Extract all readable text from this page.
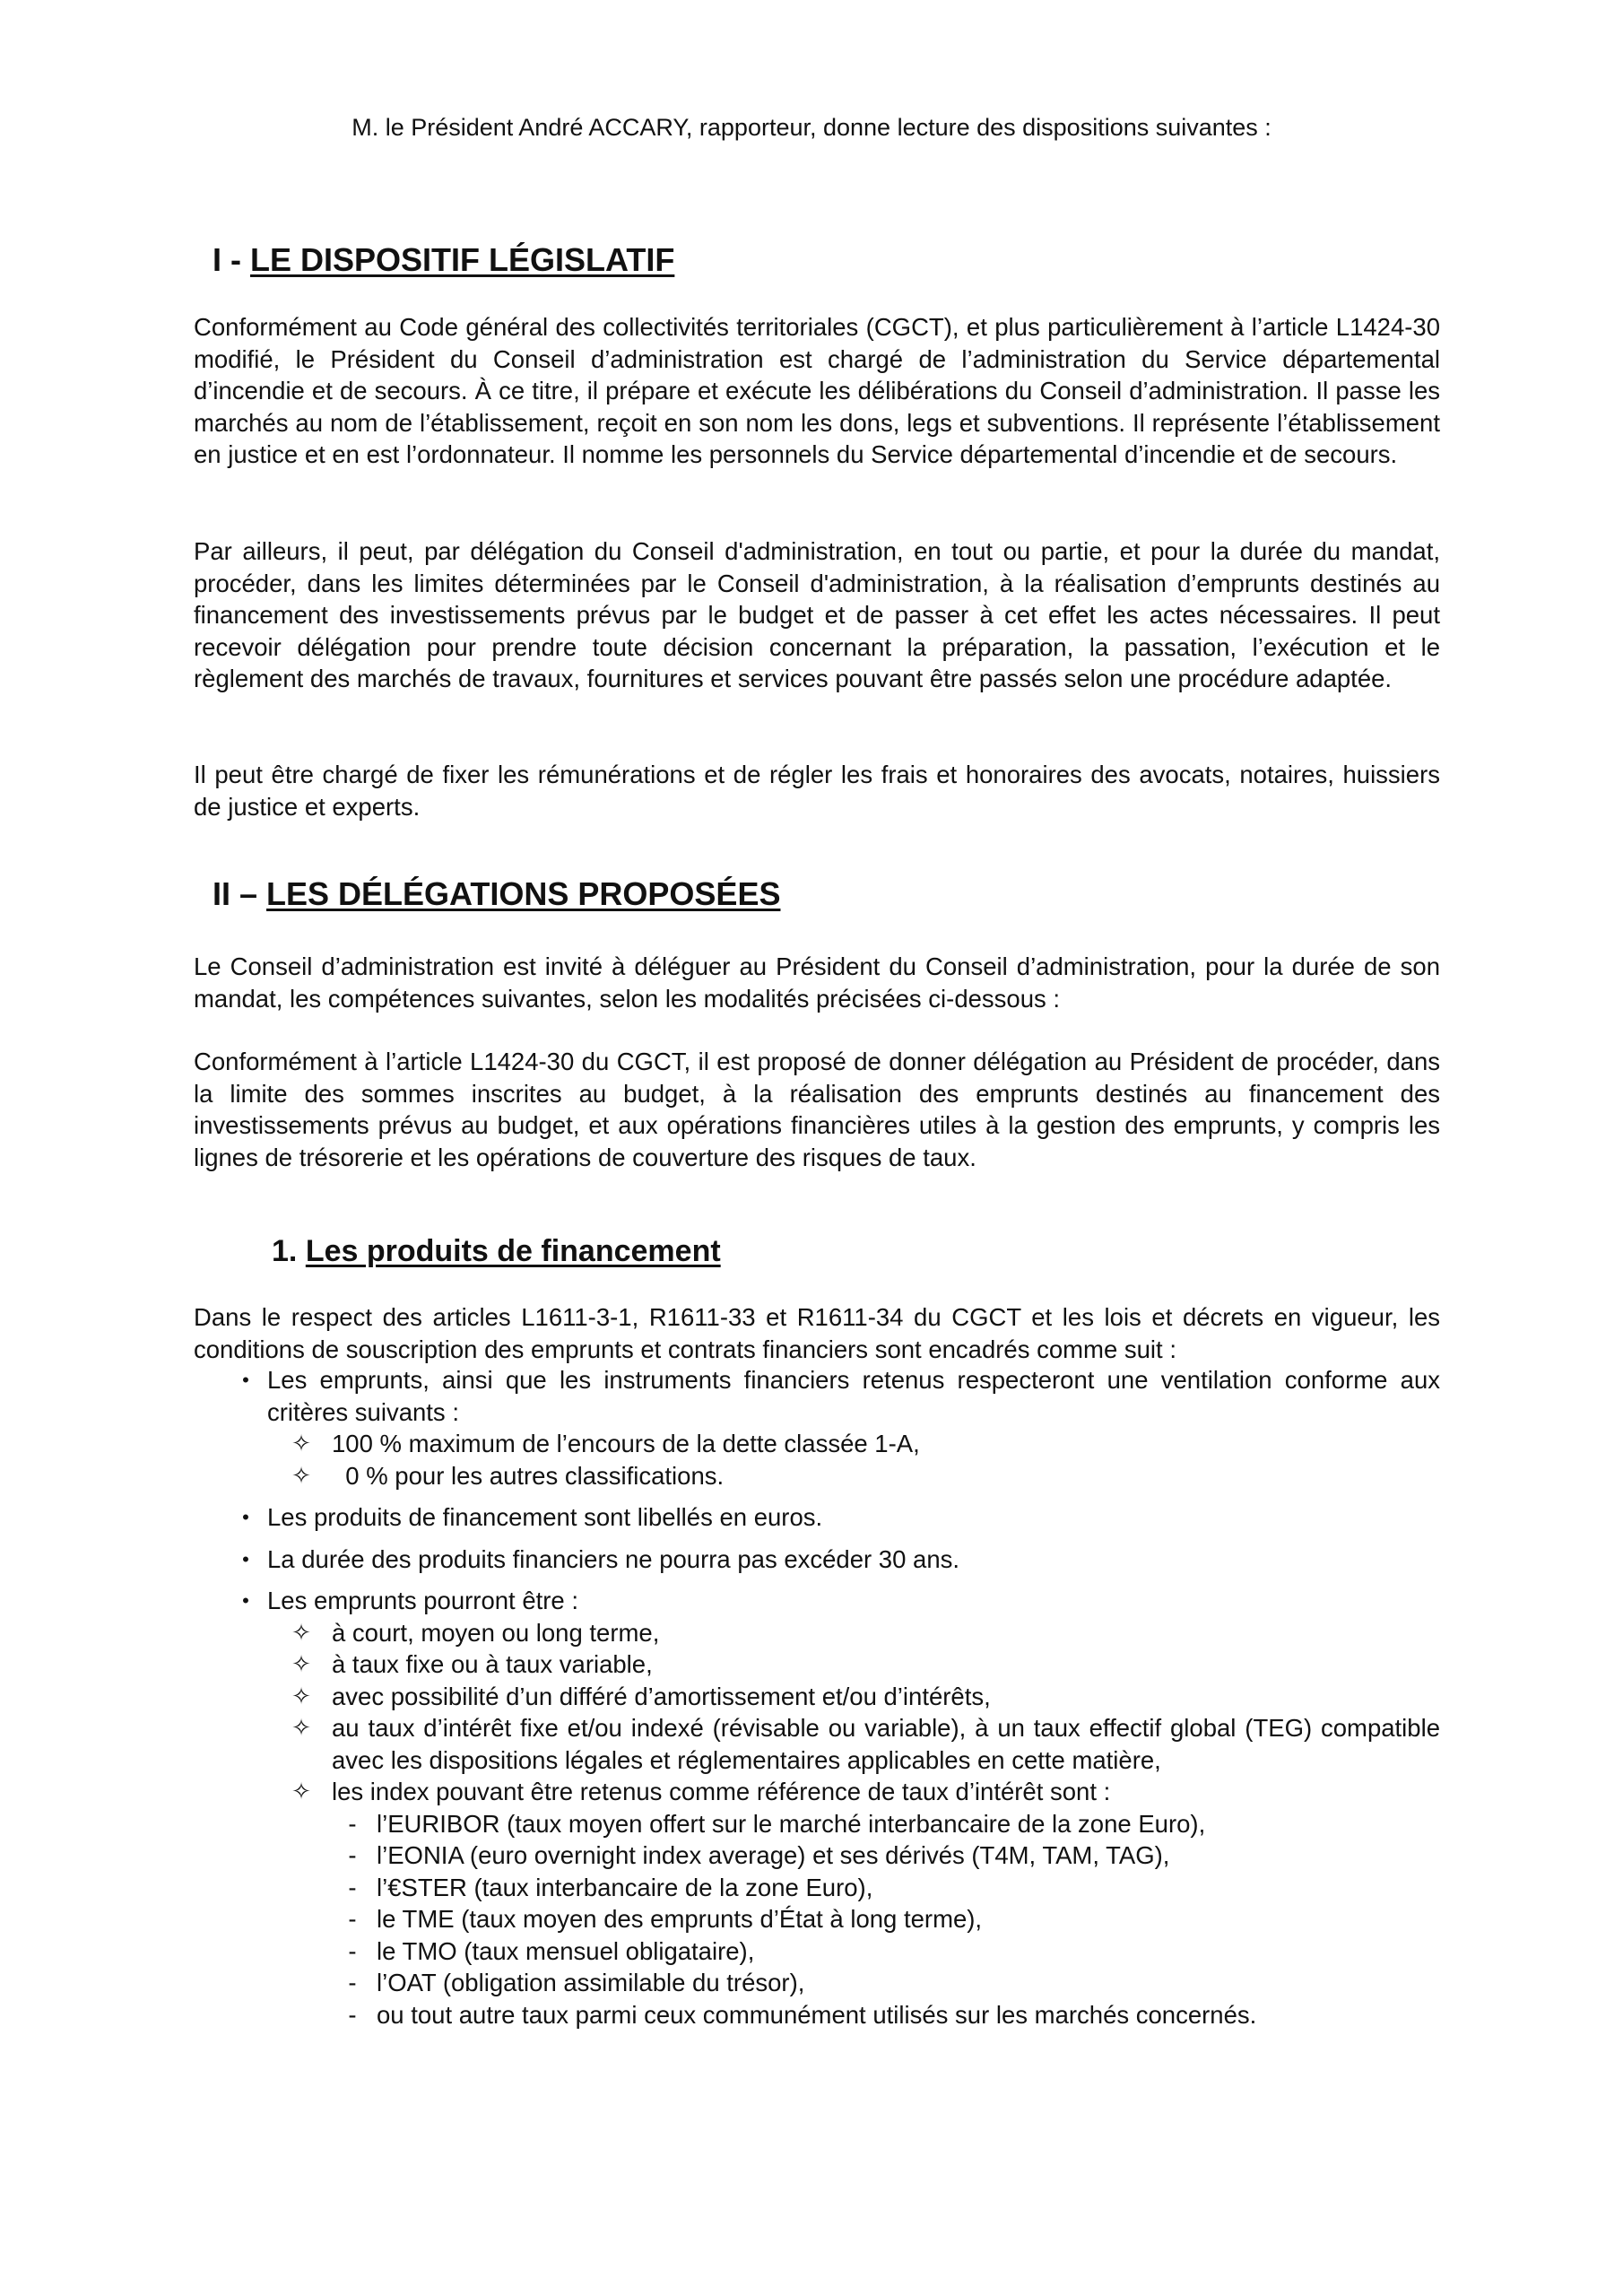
M. le Président André ACCARY, rapporteur, donne lecture des dispositions suivantes :
I - LE DISPOSITIF LÉGISLATIF

Conformément au Code général des collectivités territoriales (CGCT), et plus particulièrement à l’article L1424-30 modifié, le Président du Conseil d’administration est chargé de l’administration du Service départemental d’incendie et de secours. À ce titre, il prépare et exécute les délibérations du Conseil d’administration. Il passe les marchés au nom de l’établissement, reçoit en son nom les dons, legs et subventions. Il représente l’établissement en justice et en est l’ordonnateur. Il nomme les personnels du Service départemental d’incendie et de secours.

Par ailleurs, il peut, par délégation du Conseil d'administration, en tout ou partie, et pour la durée du mandat, procéder, dans les limites déterminées par le Conseil d'administration, à la réalisation d’emprunts destinés au financement des investissements prévus par le budget et de passer à cet effet les actes nécessaires. Il peut recevoir délégation pour prendre toute décision concernant la préparation, la passation, l’exécution et le règlement des marchés de travaux, fournitures et services pouvant être passés selon une procédure adaptée.

Il peut être chargé de fixer les rémunérations et de régler les frais et honoraires des avocats, notaires, huissiers de justice et experts.

II – LES DÉLÉGATIONS PROPOSÉES

Le Conseil d’administration est invité à déléguer au Président du Conseil d’administration, pour la durée de son mandat, les compétences suivantes, selon les modalités précisées ci-dessous :

Conformément à l’article L1424-30 du CGCT, il est proposé de donner délégation au Président de procéder, dans la limite des sommes inscrites au budget, à la réalisation des emprunts destinés au financement des investissements prévus au budget, et aux opérations financières utiles à la gestion des emprunts, y compris les lignes de trésorerie et les opérations de couverture des risques de taux.

1. Les produits de financement

Dans le respect des articles L1611-3-1, R1611-33 et R1611-34 du CGCT et les lois et décrets en vigueur, les conditions de souscription des emprunts et contrats financiers sont encadrés comme suit :

• Les emprunts, ainsi que les instruments financiers retenus respecteront une ventilation conforme aux critères suivants :
✧ 100 % maximum de l’encours de la dette classée 1-A,
✧ 0 % pour les autres classifications.
• Les produits de financement sont libellés en euros.
• La durée des produits financiers ne pourra pas excéder 30 ans.
• Les emprunts pourront être :
✧ à court, moyen ou long terme,
✧ à taux fixe ou à taux variable,
✧ avec possibilité d’un différé d’amortissement et/ou d’intérêts,
✧ au taux d’intérêt fixe et/ou indexé (révisable ou variable), à un taux effectif global (TEG) compatible avec les dispositions légales et réglementaires applicables en cette matière,
✧ les index pouvant être retenus comme référence de taux d’intérêt sont :
- l’EURIBOR (taux moyen offert sur le marché interbancaire de la zone Euro),
- l’EONIA (euro overnight index average) et ses dérivés (T4M, TAM, TAG),
- l’€STER (taux interbancaire de la zone Euro),
- le TME (taux moyen des emprunts d’État à long terme),
- le TMO (taux mensuel obligataire),
- l’OAT (obligation assimilable du trésor),
- ou tout autre taux parmi ceux communément utilisés sur les marchés concernés.
